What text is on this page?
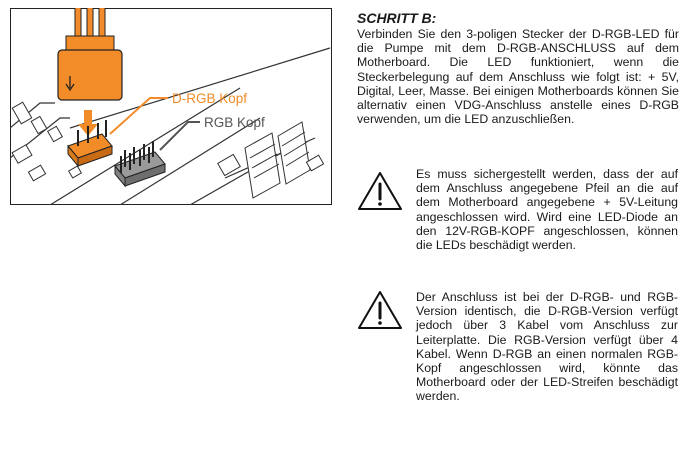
D-RGB Kopf
RGB Kopf
SCHRITT B:

Verbinden Sie den 3-poligen Stecker der D-RGB-LED für die Pumpe mit dem D-RGB-ANSCHLUSS auf dem Motherboard. Die LED funktioniert, wenn die Steckerbelegung auf dem Anschluss wie folgt ist: + 5V, Digital, Leer, Masse. Bei einigen Motherboards können Sie alternativ einen VDG-Anschluss anstelle eines D-RGB verwenden, um die LED anzuschließen.

Es muss sichergestellt werden, dass der auf dem Anschluss angegebene Pfeil an die auf dem Motherboard angegebene + 5V-Leitung angeschlossen wird. Wird eine LED-Diode an den 12V-RGB-KOPF angeschlossen, können die LEDs beschädigt werden.

Der Anschluss ist bei der D-RGB- und RGB-Version identisch, die D-RGB-Version verfügt jedoch über 3 Kabel vom Anschluss zur Leiterplatte. Die RGB-Version verfügt über 4 Kabel. Wenn D-RGB an einen normalen RGB-Kopf angeschlossen wird, könnte das Motherboard oder der LED-Streifen beschädigt werden.
